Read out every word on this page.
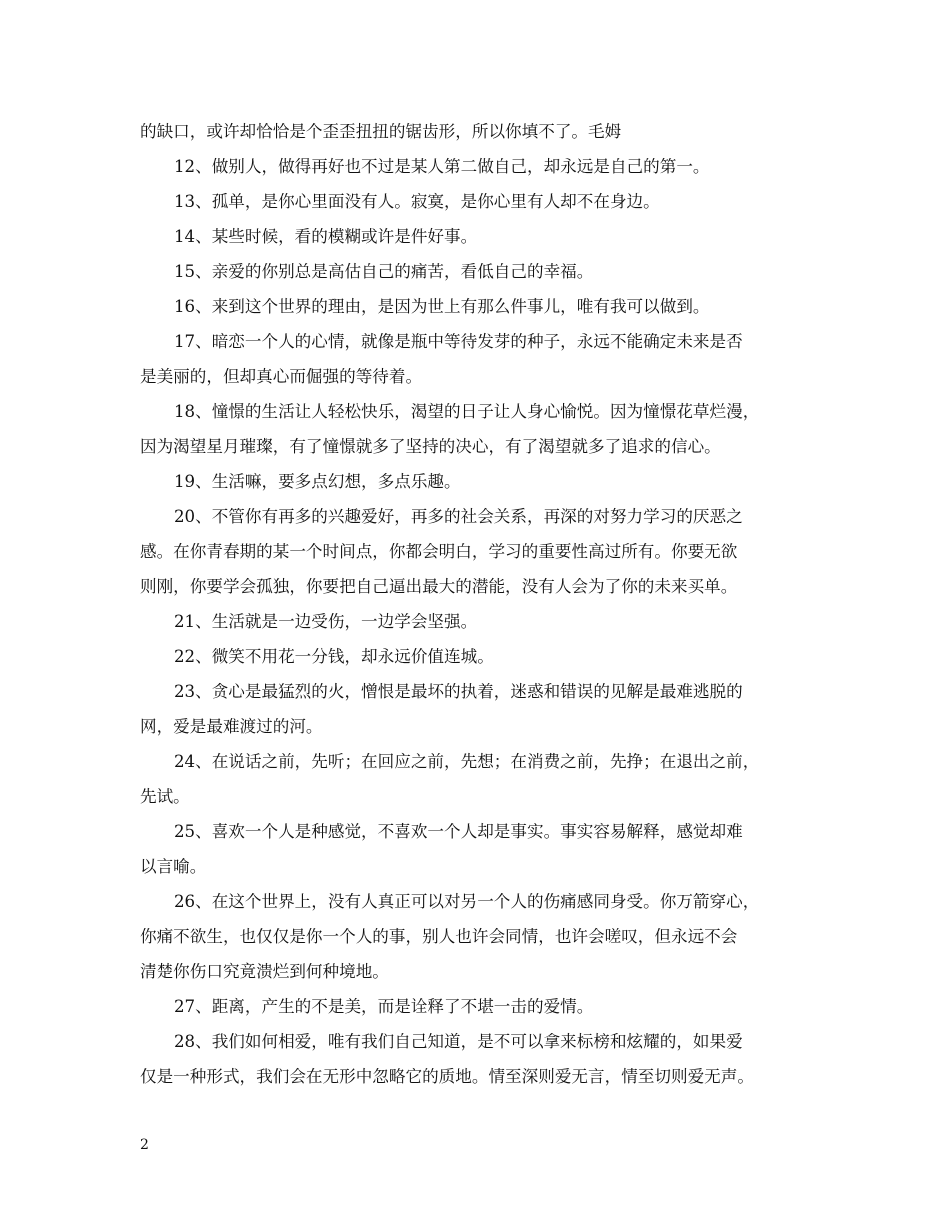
的缺口，或许却恰恰是个歪歪扭扭的锯齿形，所以你填不了。毛姆
12、做别人，做得再好也不过是某人第二做自己，却永远是自己的第一。
13、孤单，是你心里面没有人。寂寞，是你心里有人却不在身边。
14、某些时候，看的模糊或许是件好事。
15、亲爱的你别总是高估自己的痛苦，看低自己的幸福。
16、来到这个世界的理由，是因为世上有那么件事儿，唯有我可以做到。
17、暗恋一个人的心情，就像是瓶中等待发芽的种子，永远不能确定未来是否
是美丽的，但却真心而倔强的等待着。
18、憧憬的生活让人轻松快乐，渴望的日子让人身心愉悦。因为憧憬花草烂漫，
因为渴望星月璀璨，有了憧憬就多了坚持的决心，有了渴望就多了追求的信心。
19、生活嘛，要多点幻想，多点乐趣。
20、不管你有再多的兴趣爱好，再多的社会关系，再深的对努力学习的厌恶之
感。在你青春期的某一个时间点，你都会明白，学习的重要性高过所有。你要无欲
则刚，你要学会孤独，你要把自己逼出最大的潜能，没有人会为了你的未来买单。
21、生活就是一边受伤，一边学会坚强。
22、微笑不用花一分钱，却永远价值连城。
23、贪心是最猛烈的火，憎恨是最坏的执着，迷惑和错误的见解是最难逃脱的
网，爱是最难渡过的河。
24、在说话之前，先听；在回应之前，先想；在消费之前，先挣；在退出之前，
先试。
25、喜欢一个人是种感觉，不喜欢一个人却是事实。事实容易解释，感觉却难
以言喻。
26、在这个世界上，没有人真正可以对另一个人的伤痛感同身受。你万箭穿心，
你痛不欲生，也仅仅是你一个人的事，别人也许会同情，也许会嗟叹，但永远不会
清楚你伤口究竟溃烂到何种境地。
27、距离，产生的不是美，而是诠释了不堪一击的爱情。
28、我们如何相爱，唯有我们自己知道，是不可以拿来标榜和炫耀的，如果爱
仅是一种形式，我们会在无形中忽略它的质地。情至深则爱无言，情至切则爱无声。
2
